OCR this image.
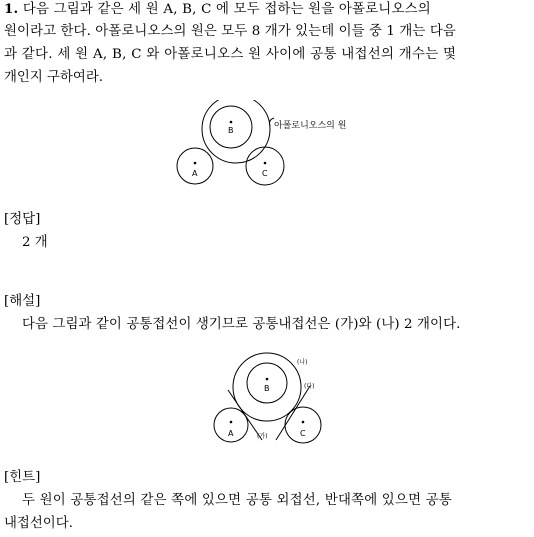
1. 다음 그림과 같은 세 원 A, B, C 에 모두 접하는 원을 아폴로니오스의

원이라고 한다. 아폴로니오스의 원은 모두 8 개가 있는데 이들 중 1 개는 다음

과 같다. 세 원 A, B, C 와 아폴로니오스 원 사이에 공통 내접선의 개수는 몇

개인지 구하여라.

B
A	C
아폴로니오스의 원

[정답]

2 개

[해설]

다음 그림과 같이 공통접선이 생기므로 공통내접선은 (가)와 (나) 2 개이다.

B
A	C
(나)
(다)
(가)

[힌트]

두 원이 공통접선의 같은 쪽에 있으면 공통 외접선, 반대쪽에 있으면 공통

내접선이다.
